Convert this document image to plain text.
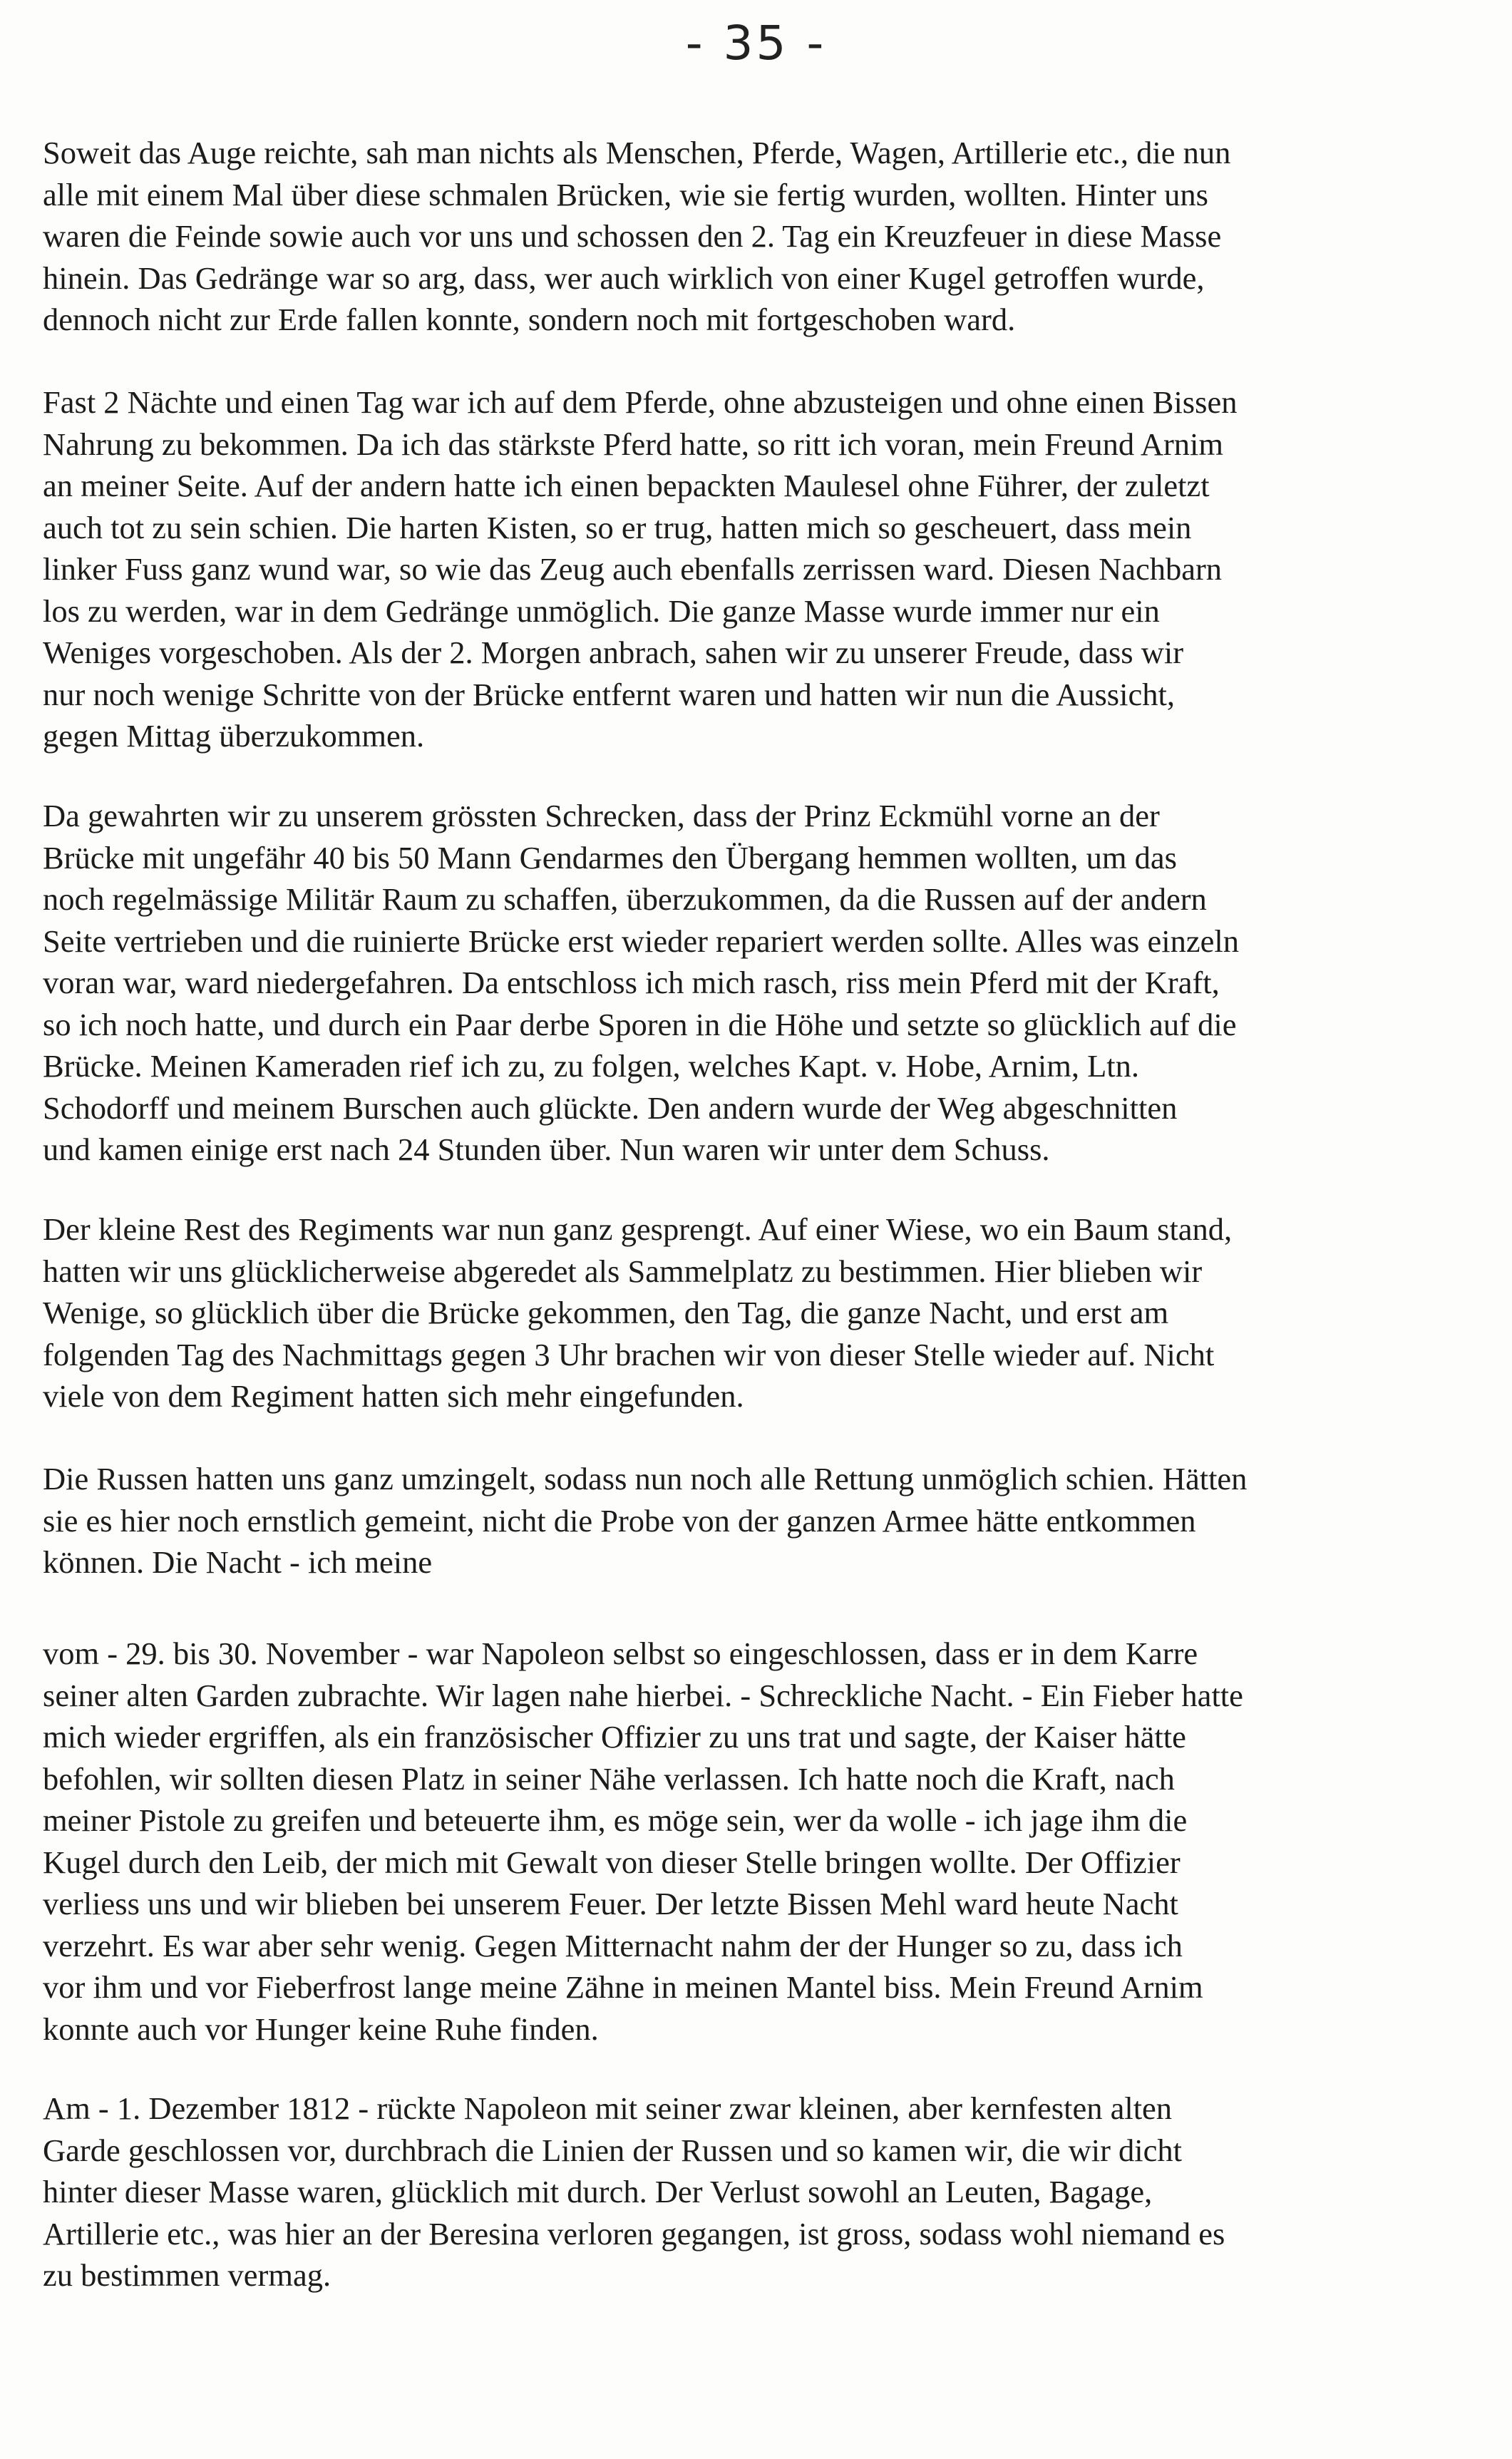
- 35 -
Soweit das Auge reichte, sah man nichts als Menschen, Pferde, Wagen, Artillerie etc., die nun
alle mit einem Mal über diese schmalen Brücken, wie sie fertig wurden, wollten. Hinter uns
waren die Feinde sowie auch vor uns und schossen den 2. Tag ein Kreuzfeuer in diese Masse
hinein. Das Gedränge war so arg, dass, wer auch wirklich von einer Kugel getroffen wurde,
dennoch nicht zur Erde fallen konnte, sondern noch mit fortgeschoben ward.
Fast 2 Nächte und einen Tag war ich auf dem Pferde, ohne abzusteigen und ohne einen Bissen
Nahrung zu bekommen. Da ich das stärkste Pferd hatte, so ritt ich voran, mein Freund Arnim
an meiner Seite. Auf der andern hatte ich einen bepackten Maulesel ohne Führer, der zuletzt
auch tot zu sein schien. Die harten Kisten, so er trug, hatten mich so gescheuert, dass mein
linker Fuss ganz wund war, so wie das Zeug auch ebenfalls zerrissen ward. Diesen Nachbarn
los zu werden, war in dem Gedränge unmöglich. Die ganze Masse wurde immer nur ein
Weniges vorgeschoben. Als der 2. Morgen anbrach, sahen wir zu unserer Freude, dass wir
nur noch wenige Schritte von der Brücke entfernt waren und hatten wir nun die Aussicht,
gegen Mittag überzukommen.
Da gewahrten wir zu unserem grössten Schrecken, dass der Prinz Eckmühl vorne an der
Brücke mit ungefähr 40 bis 50 Mann Gendarmes den Übergang hemmen wollten, um das
noch regelmässige Militär Raum zu schaffen, überzukommen, da die Russen auf der andern
Seite vertrieben und die ruinierte Brücke erst wieder repariert werden sollte. Alles was einzeln
voran war, ward niedergefahren. Da entschloss ich mich rasch, riss mein Pferd mit der Kraft,
so ich noch hatte, und durch ein Paar derbe Sporen in die Höhe und setzte so glücklich auf die
Brücke. Meinen Kameraden rief ich zu, zu folgen, welches Kapt. v. Hobe, Arnim, Ltn.
Schodorff und meinem Burschen auch glückte. Den andern wurde der Weg abgeschnitten
und kamen einige erst nach 24 Stunden über. Nun waren wir unter dem Schuss.
Der kleine Rest des Regiments war nun ganz gesprengt. Auf einer Wiese, wo ein Baum stand,
hatten wir uns glücklicherweise abgeredet als Sammelplatz zu bestimmen. Hier blieben wir
Wenige, so glücklich über die Brücke gekommen, den Tag, die ganze Nacht, und erst am
folgenden Tag des Nachmittags gegen 3 Uhr brachen wir von dieser Stelle wieder auf. Nicht
viele von dem Regiment hatten sich mehr eingefunden.
Die Russen hatten uns ganz umzingelt, sodass nun noch alle Rettung unmöglich schien. Hätten
sie es hier noch ernstlich gemeint, nicht die Probe von der ganzen Armee hätte entkommen
können. Die Nacht - ich meine
vom - 29. bis 30. November - war Napoleon selbst so eingeschlossen, dass er in dem Karre
seiner alten Garden zubrachte. Wir lagen nahe hierbei. - Schreckliche Nacht. - Ein Fieber hatte
mich wieder ergriffen, als ein französischer Offizier zu uns trat und sagte, der Kaiser hätte
befohlen, wir sollten diesen Platz in seiner Nähe verlassen. Ich hatte noch die Kraft, nach
meiner Pistole zu greifen und beteuerte ihm, es möge sein, wer da wolle - ich jage ihm die
Kugel durch den Leib, der mich mit Gewalt von dieser Stelle bringen wollte. Der Offizier
verliess uns und wir blieben bei unserem Feuer. Der letzte Bissen Mehl ward heute Nacht
verzehrt. Es war aber sehr wenig. Gegen Mitternacht nahm der der Hunger so zu, dass ich
vor ihm und vor Fieberfrost lange meine Zähne in meinen Mantel biss. Mein Freund Arnim
konnte auch vor Hunger keine Ruhe finden.
Am - 1. Dezember 1812 - rückte Napoleon mit seiner zwar kleinen, aber kernfesten alten
Garde geschlossen vor, durchbrach die Linien der Russen und so kamen wir, die wir dicht
hinter dieser Masse waren, glücklich mit durch. Der Verlust sowohl an Leuten, Bagage,
Artillerie etc., was hier an der Beresina verloren gegangen, ist gross, sodass wohl niemand es
zu bestimmen vermag.
